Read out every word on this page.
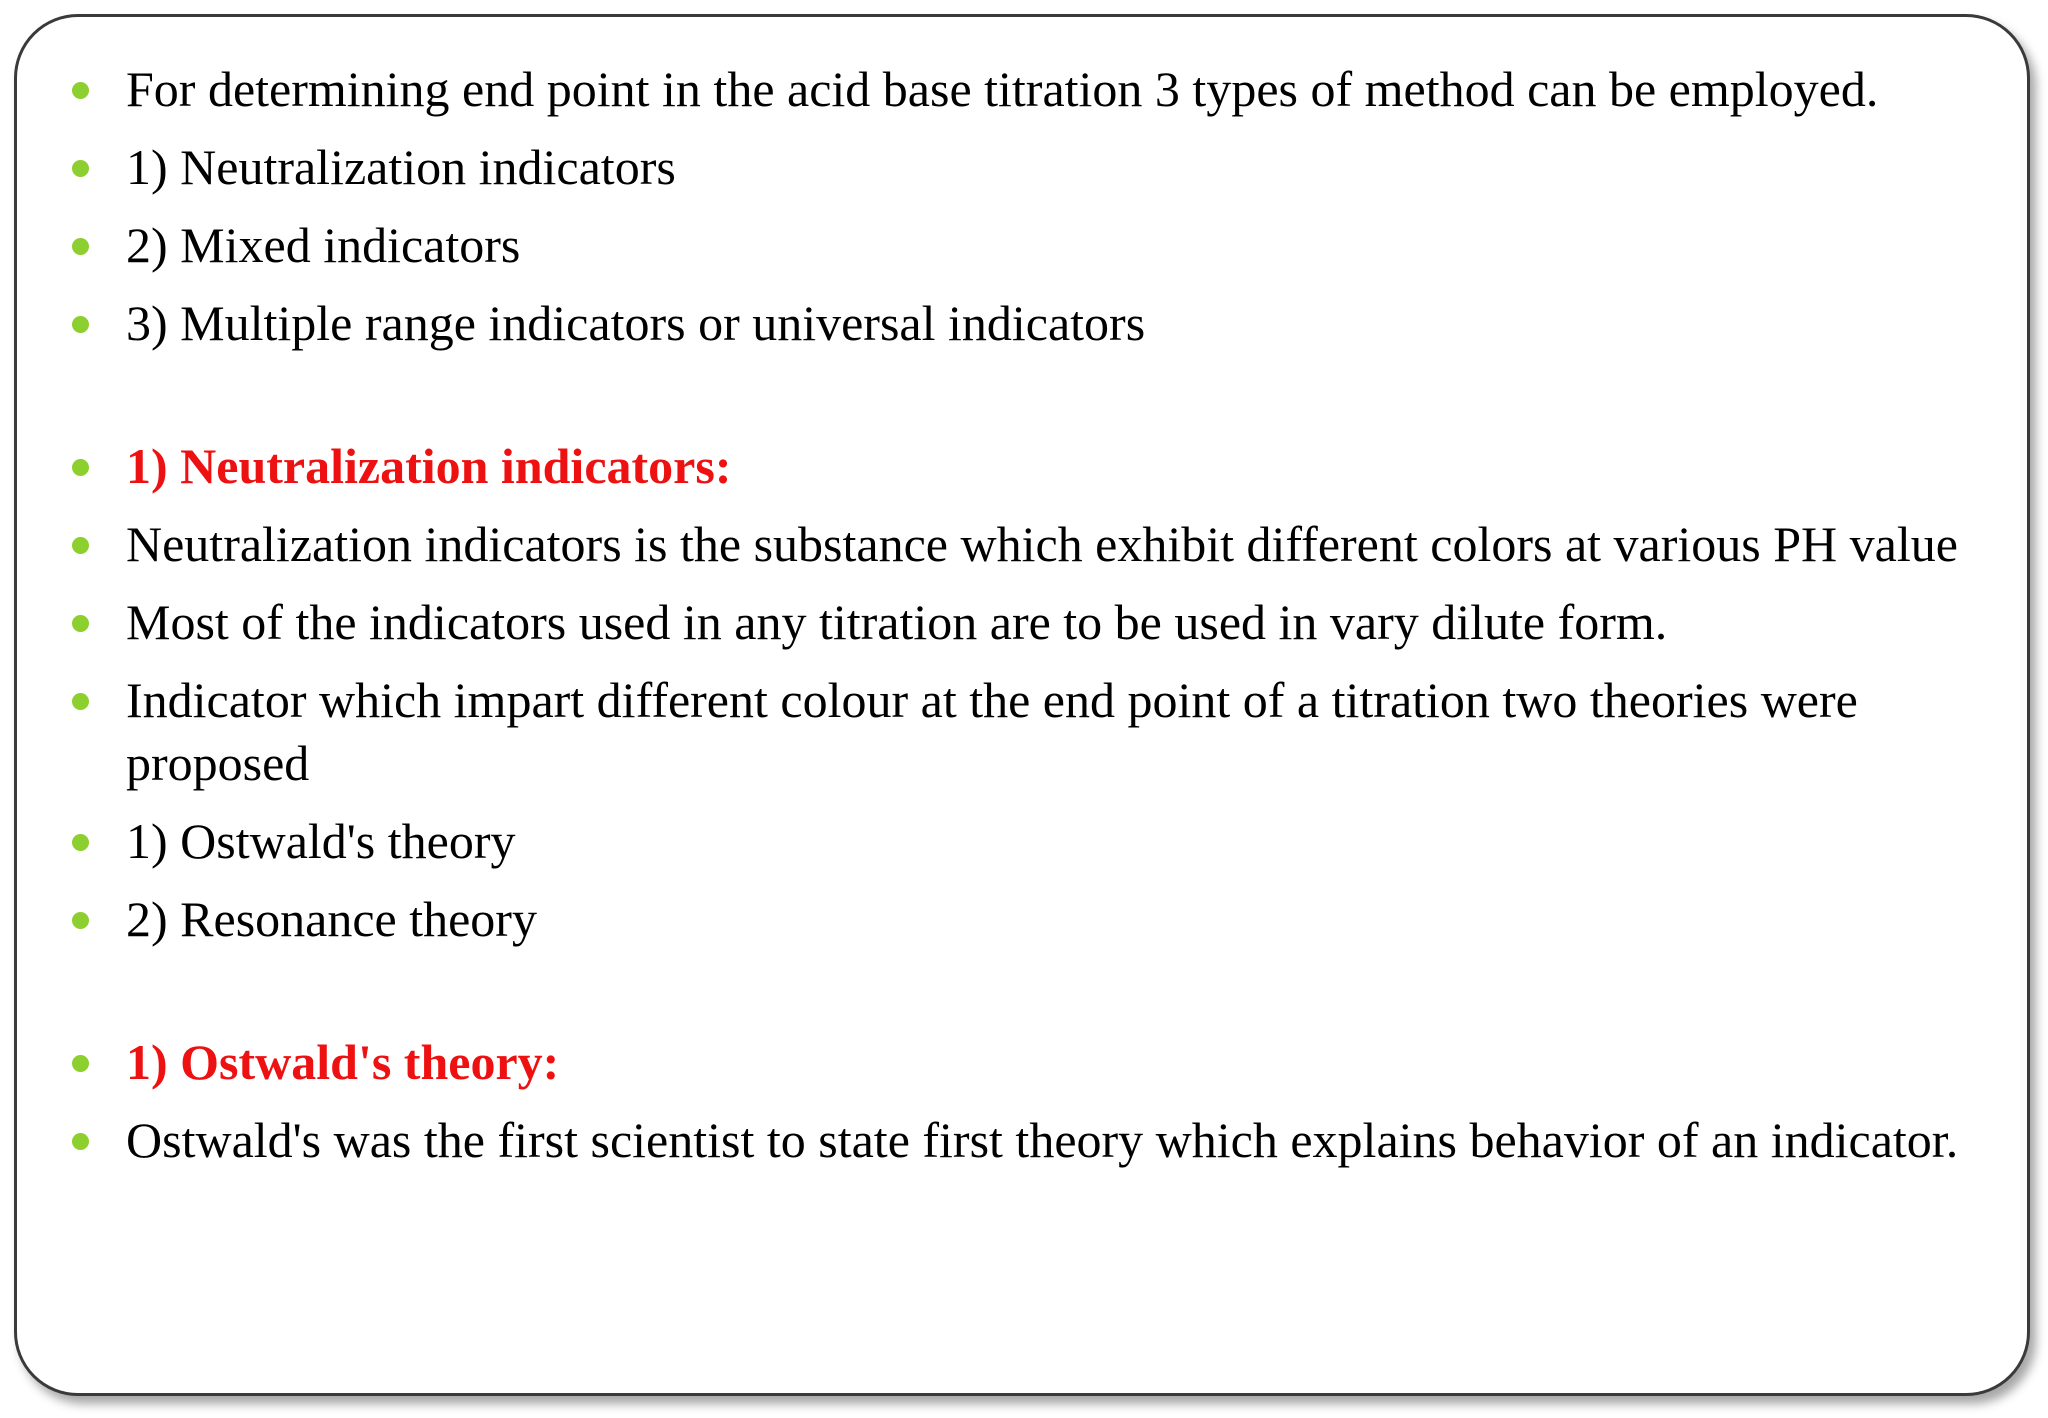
For determining end point in the acid base titration 3 types of method can be employed.
1) Neutralization indicators
2) Mixed indicators
3) Multiple range indicators or universal indicators
1) Neutralization indicators:
Neutralization indicators is the substance which exhibit different colors at various PH value
Most of the indicators used in any titration are to be used in vary dilute form.
Indicator which impart different colour at the end point of a titration two theories were proposed
1) Ostwald's theory
2) Resonance theory
1) Ostwald's theory:
Ostwald's was the first scientist to state first theory which explains behavior of an indicator.
